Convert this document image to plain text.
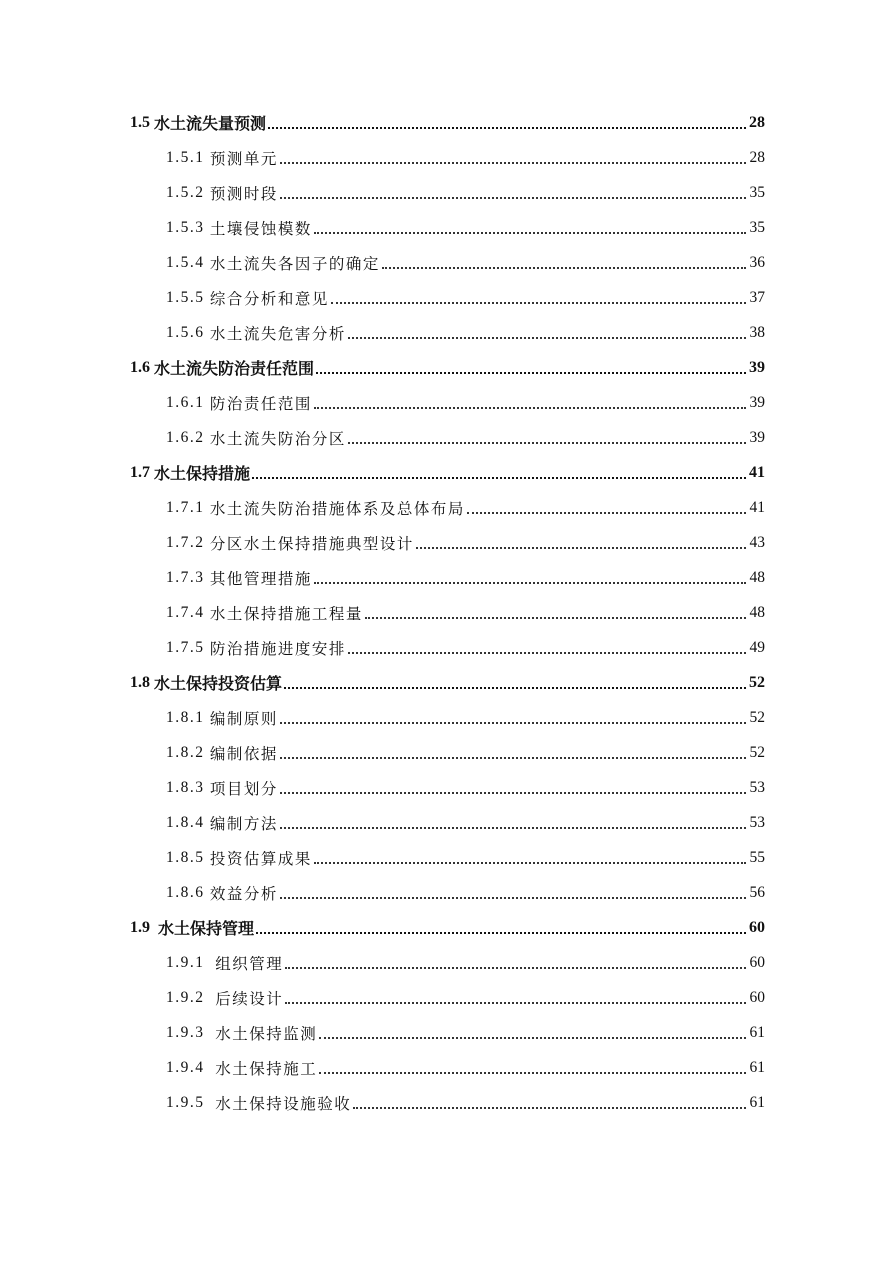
1.5 水土流失量预测	28
1.5.1 预测单元	28
1.5.2 预测时段	35
1.5.3 土壤侵蚀模数	35
1.5.4 水土流失各因子的确定	36
1.5.5 综合分析和意见	37
1.5.6 水土流失危害分析	38
1.6 水土流失防治责任范围	39
1.6.1 防治责任范围	39
1.6.2 水土流失防治分区	39
1.7 水土保持措施	41
1.7.1 水土流失防治措施体系及总体布局	41
1.7.2 分区水土保持措施典型设计	43
1.7.3 其他管理措施	48
1.7.4 水土保持措施工程量	48
1.7.5 防治措施进度安排	49
1.8 水土保持投资估算	52
1.8.1 编制原则	52
1.8.2 编制依据	52
1.8.3 项目划分	53
1.8.4 编制方法	53
1.8.5 投资估算成果	55
1.8.6 效益分析	56
1.9 水土保持管理	60
1.9.1 组织管理	60
1.9.2 后续设计	60
1.9.3 水土保持监测	61
1.9.4 水土保持施工	61
1.9.5 水土保持设施验收	61
